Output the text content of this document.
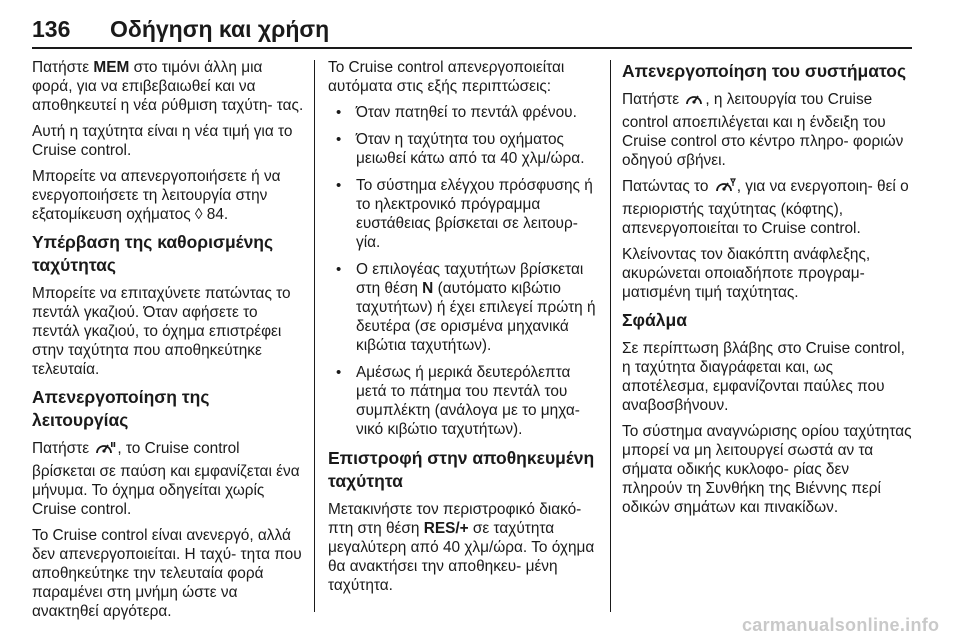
136 Οδήγηση και χρήση

Πατήστε MEM στο τιμόνι άλλη μια φορά, για να επιβεβαιωθεί και να αποθηκευτεί η νέα ρύθμιση ταχύτη- τας.

Αυτή η ταχύτητα είναι η νέα τιμή για το Cruise control.

Μπορείτε να απενεργοποιήσετε ή να ενεργοποιήσετε τη λειτουργία στην εξατομίκευση οχήματος ◊ 84.

Υπέρβαση της καθορισμένης ταχύτητας

Μπορείτε να επιταχύνετε πατώντας το πεντάλ γκαζιού. Όταν αφήσετε το πεντάλ γκαζιού, το όχημα επιστρέφει στην ταχύτητα που αποθηκεύτηκε τελευταία.

Απενεργοποίηση της λειτουργίας

Πατήστε , το Cruise control βρίσκεται σε παύση και εμφανίζεται ένα μήνυμα. Το όχημα οδηγείται χωρίς Cruise control.

Το Cruise control είναι ανενεργό, αλλά δεν απενεργοποιείται. Η ταχύ- τητα που αποθηκεύτηκε την τελευταία φορά παραμένει στη μνήμη ώστε να ανακτηθεί αργότερα.

Το Cruise control απενεργοποιείται αυτόματα στις εξής περιπτώσεις:

• Όταν πατηθεί το πεντάλ φρένου.
• Όταν η ταχύτητα του οχήματος μειωθεί κάτω από τα 40 χλμ/ώρα.
• Το σύστημα ελέγχου πρόσφυσης ή το ηλεκτρονικό πρόγραμμα ευστάθειας βρίσκεται σε λειτουρ- γία.
• Ο επιλογέας ταχυτήτων βρίσκεται στη θέση N (αυτόματο κιβώτιο ταχυτήτων) ή έχει επιλεγεί πρώτη ή δευτέρα (σε ορισμένα μηχανικά κιβώτια ταχυτήτων).
• Αμέσως ή μερικά δευτερόλεπτα μετά το πάτημα του πεντάλ του συμπλέκτη (ανάλογα με το μηχα- νικό κιβώτιο ταχυτήτων).
Επιστροφή στην αποθηκευμένη ταχύτητα

Μετακινήστε τον περιστροφικό διακό- πτη στη θέση RES/+ σε ταχύτητα μεγαλύτερη από 40 χλμ/ώρα. Το όχημα θα ανακτήσει την αποθηκευ- μένη ταχύτητα.

Απενεργοποίηση του συστήματος

Πατήστε , η λειτουργία του Cruise control αποεπιλέγεται και η ένδειξη του Cruise control στο κέντρο πληρο- φοριών οδηγού σβήνει.

Πατώντας το , για να ενεργοποιη- θεί ο περιοριστής ταχύτητας (κόφτης), απενεργοποιείται το Cruise control.

Κλείνοντας τον διακόπτη ανάφλεξης, ακυρώνεται οποιαδήποτε προγραμ- ματισμένη τιμή ταχύτητας.

Σφάλμα

Σε περίπτωση βλάβης στο Cruise control, η ταχύτητα διαγράφεται και, ως αποτέλεσμα, εμφανίζονται παύλες που αναβοσβήνουν.

Το σύστημα αναγνώρισης ορίου ταχύτητας μπορεί να μη λειτουργεί σωστά αν τα σήματα οδικής κυκλοφο- ρίας δεν πληρούν τη Συνθήκη της Βιέννης περί οδικών σημάτων και πινακίδων.

carmanualsonline.info
